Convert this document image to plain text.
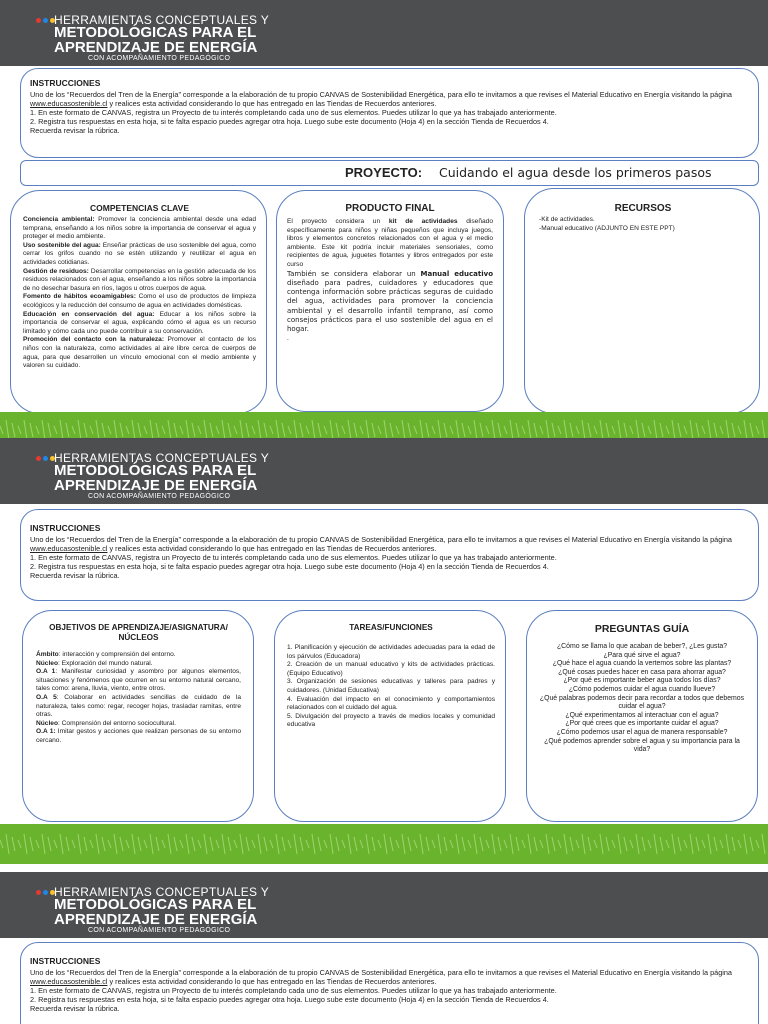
HERRAMIENTAS CONCEPTUALES Y
METODOLÓGICAS PARA EL
APRENDIZAJE DE ENERGÍA
CON ACOMPAÑAMIENTO PEDAGÓGICO
INSTRUCCIONES
Uno de los “Recuerdos del Tren de la Energía” corresponde a la elaboración de tu propio CANVAS de Sostenibilidad Energética, para ello te invitamos a que revises el Material Educativo en Energía visitando la página www.educasostenible.cl y realices esta actividad considerando lo que has entregado en las Tiendas de Recuerdos anteriores.
1. En este formato de CANVAS, registra un Proyecto de tu interés completando cada uno de sus elementos. Puedes utilizar lo que ya has trabajado anteriormente.
2. Registra tus respuestas en esta hoja, si te falta espacio puedes agregar otra hoja. Luego sube este documento (Hoja 4) en la sección Tienda de Recuerdos 4.
Recuerda revisar la rúbrica.
PROYECTO: Cuidando el agua desde los primeros pasos
COMPETENCIAS CLAVE
Conciencia ambiental: Promover la conciencia ambiental desde una edad temprana, enseñando a los niños sobre la importancia de conservar el agua y proteger el medio ambiente.
Uso sostenible del agua: Enseñar prácticas de uso sostenible del agua, como cerrar los grifos cuando no se estén utilizando y reutilizar el agua en actividades cotidianas.
Gestión de residuos: Desarrollar competencias en la gestión adecuada de los residuos relacionados con el agua, enseñando a los niños sobre la importancia de no desechar basura en ríos, lagos u otros cuerpos de agua.
Fomento de hábitos ecoamigables: Como el uso de productos de limpieza ecológicos y la reducción del consumo de agua en actividades domésticas.
Educación en conservación del agua: Educar a los niños sobre la importancia de conservar el agua, explicando cómo el agua es un recurso limitado y cómo cada uno puede contribuir a su conservación.
Promoción del contacto con la naturaleza: Promover el contacto de los niños con la naturaleza, como actividades al aire libre cerca de cuerpos de agua, para que desarrollen un vínculo emocional con el medio ambiente y valoren su cuidado.
PRODUCTO FINAL
El proyecto considera un kit de actividades diseñado específicamente para niños y niñas pequeños que incluya juegos, libros y elementos concretos relacionados con el agua y el medio ambiente. Este kit podría incluir materiales sensoriales, como recipientes de agua, juguetes flotantes y libros entregados por este curso
También se considera elaborar un Manual educativo diseñado para padres, cuidadores y educadores que contenga información sobre prácticas seguras de cuidado del agua, actividades para promover la conciencia ambiental y el desarrollo infantil temprano, así como consejos prácticos para el uso sostenible del agua en el hogar.
.
RECURSOS
-Kit de actividades.
-Manual educativo (ADJUNTO EN ESTE PPT)
HERRAMIENTAS CONCEPTUALES Y
METODOLÓGICAS PARA EL
APRENDIZAJE DE ENERGÍA
CON ACOMPAÑAMIENTO PEDAGÓGICO
INSTRUCCIONES
Uno de los “Recuerdos del Tren de la Energía” corresponde a la elaboración de tu propio CANVAS de Sostenibilidad Energética, para ello te invitamos a que revises el Material Educativo en Energía visitando la página www.educasostenible.cl y realices esta actividad considerando lo que has entregado en las Tiendas de Recuerdos anteriores.
1. En este formato de CANVAS, registra un Proyecto de tu interés completando cada uno de sus elementos. Puedes utilizar lo que ya has trabajado anteriormente.
2. Registra tus respuestas en esta hoja, si te falta espacio puedes agregar otra hoja. Luego sube este documento (Hoja 4) en la sección Tienda de Recuerdos 4.
Recuerda revisar la rúbrica.
OBJETIVOS DE APRENDIZAJE/ASIGNATURA/ NÚCLEOS
Ámbito: interacción y comprensión del entorno.
Núcleo: Exploración del mundo natural.
O.A 1: Manifestar curiosidad y asombro por algunos elementos, situaciones y fenómenos que ocurren en su entorno natural cercano, tales como: arena, lluvia, viento, entre otros.
O.A 5: Colaborar en actividades sencillas de cuidado de la naturaleza, tales como: regar, recoger hojas, trasladar ramitas, entre otras.
Núcleo: Comprensión del entorno sociocultural.
O.A 1: Imitar gestos y acciones que realizan personas de su entorno cercano.
TAREAS/FUNCIONES
1. Planificación y ejecución de actividades adecuadas para la edad de los párvulos (Educadora)
2. Creación de un manual educativo y kits de actividades prácticas. (Equipo Educativo)
3. Organización de sesiones educativas y talleres para padres y cuidadores. (Unidad Educativa)
4. Evaluación del impacto en el conocimiento y comportamientos relacionados con el cuidado del agua.
5. Divulgación del proyecto a través de medios locales y comunidad educativa
PREGUNTAS GUÍA
¿Cómo se llama lo que acaban de beber?, ¿Les gusta?
¿Para qué sirve el agua?
¿Qué hace el agua cuando la vertemos sobre las plantas?
¿Qué cosas puedes hacer en casa para ahorrar agua?
¿Por qué es importante beber agua todos los días?
¿Cómo podemos cuidar el agua cuando llueve?
¿Qué palabras podemos decir para recordar a todos que debemos cuidar el agua?
¿Qué experimentamos al interactuar con el agua?
¿Por qué crees que es importante cuidar el agua?
¿Cómo podemos usar el agua de manera responsable?
¿Qué podemos aprender sobre el agua y su importancia para la vida?
HERRAMIENTAS CONCEPTUALES Y
METODOLÓGICAS PARA EL
APRENDIZAJE DE ENERGÍA
CON ACOMPAÑAMIENTO PEDAGÓGICO
INSTRUCCIONES
Uno de los “Recuerdos del Tren de la Energía” corresponde a la elaboración de tu propio CANVAS de Sostenibilidad Energética, para ello te invitamos a que revises el Material Educativo en Energía visitando la página www.educasostenible.cl y realices esta actividad considerando lo que has entregado en las Tiendas de Recuerdos anteriores.
1. En este formato de CANVAS, registra un Proyecto de tu interés completando cada uno de sus elementos. Puedes utilizar lo que ya has trabajado anteriormente.
2. Registra tus respuestas en esta hoja, si te falta espacio puedes agregar otra hoja. Luego sube este documento (Hoja 4) en la sección Tienda de Recuerdos 4.
Recuerda revisar la rúbrica.
